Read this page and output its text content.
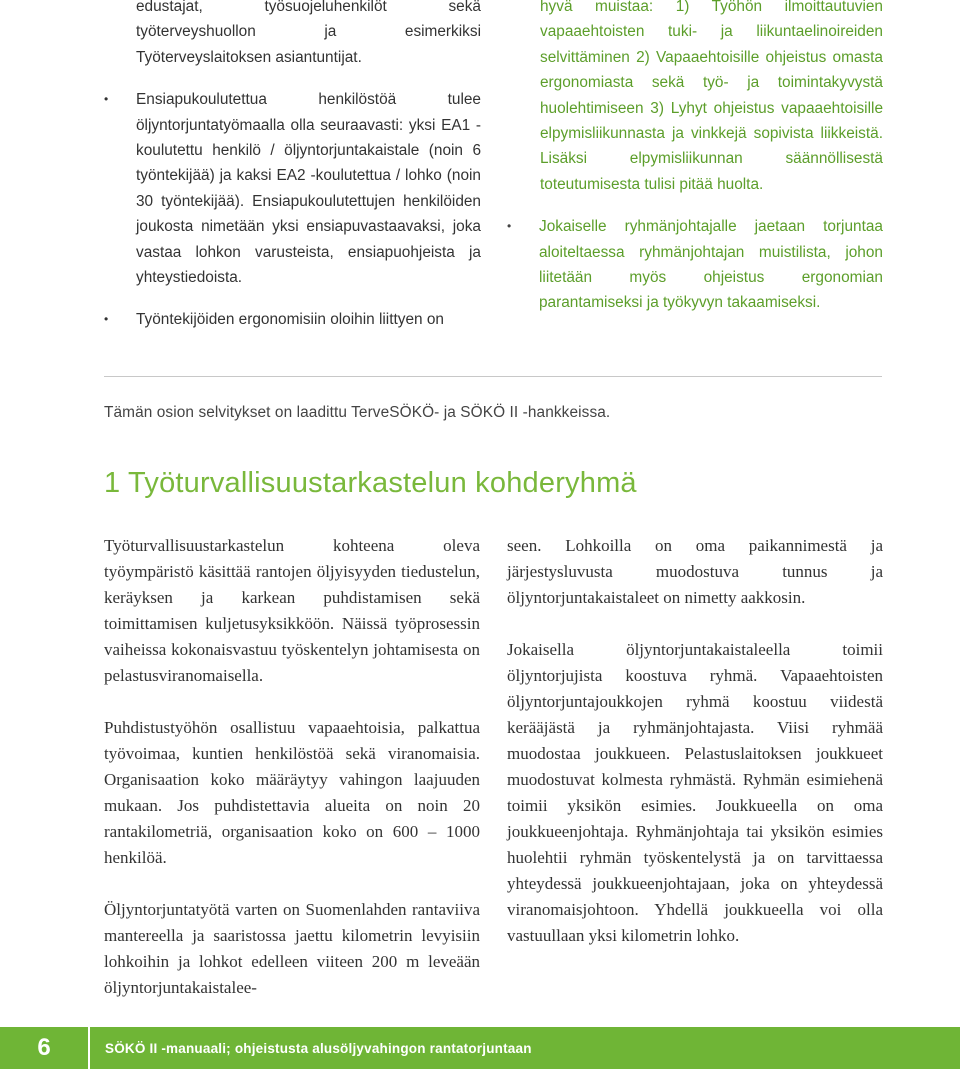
edustajat, työsuojeluhenkilöt sekä työterveyshuollon ja esimerkiksi Työterveyslaitoksen asiantuntijat.

• Ensiapukoulutettua henkilöstöä tulee öljyntorjuntatyömaalla olla seuraavasti: yksi EA1 -koulutettu henkilö / öljyntorjuntakaistale (noin 6 työntekijää) ja kaksi EA2 -koulutettua / lohko (noin 30 työntekijää). Ensiapukoulutettujen henkilöiden joukosta nimetään yksi ensiapuvastaavaksi, joka vastaa lohkon varusteista, ensiapuohjeista ja yhteystiedoista.
• Työntekijöiden ergonomisiin oloihin liittyen on

hyvä muistaa: 1) Työhön ilmoittautuvien vapaaehtoisten tuki- ja liikuntaelinoireiden selvittäminen 2) Vapaaehtoisille ohjeistus omasta ergonomiasta sekä työ- ja toimintakyvystä huolehtimiseen 3) Lyhyt ohjeistus vapaaehtoisille elpymisliikunnasta ja vinkkejä sopivista liikkeistä. Lisäksi elpymisliikunnan säännöllisestä toteutumisesta tulisi pitää huolta.

• Jokaiselle ryhmänjohtajalle jaetaan torjuntaa aloiteltaessa ryhmänjohtajan muistilista, johon liitetään myös ohjeistus ergonomian parantamiseksi ja työkyvyn takaamiseksi.
Tämän osion selvitykset on laadittu TerveSÖKÖ- ja SÖKÖ II -hankkeissa.
1 Työturvallisuustarkastelun kohderyhmä

Työturvallisuustarkastelun kohteena oleva työympäristö käsittää rantojen öljyisyyden tiedustelun, keräyksen ja karkean puhdistamisen sekä toimittamisen kuljetusyksikköön. Näissä työprosessin vaiheissa kokonaisvastuu työskentelyn johtamisesta on pelastusviranomaisella.

Puhdistustyöhön osallistuu vapaaehtoisia, palkattua työvoimaa, kuntien henkilöstöä sekä viranomaisia. Organisaation koko määräytyy vahingon laajuuden mukaan. Jos puhdistettavia alueita on noin 20 rantakilometriä, organisaation koko on 600 – 1000 henkilöä.

Öljyntorjuntatyötä varten on Suomenlahden rantaviiva mantereella ja saaristossa jaettu kilometrin levyisiin lohkoihin ja lohkot edelleen viiteen 200 m leveään öljyntorjuntakaistalee-

seen. Lohkoilla on oma paikannimestä ja järjestysluvusta muodostuva tunnus ja öljyntorjuntakaistaleet on nimetty aakkosin.

Jokaisella öljyntorjuntakaistaleella toimii öljyntorjujista koostuva ryhmä. Vapaaehtoisten öljyntorjuntajoukkojen ryhmä koostuu viidestä kerääjästä ja ryhmänjohtajasta. Viisi ryhmää muodostaa joukkueen. Pelastuslaitoksen joukkueet muodostuvat kolmesta ryhmästä. Ryhmän esimiehenä toimii yksikön esimies. Joukkueella on oma joukkueenjohtaja. Ryhmänjohtaja tai yksikön esimies huolehtii ryhmän työskentelystä ja on tarvittaessa yhteydessä joukkueenjohtajaan, joka on yhteydessä viranomaisjohtoon. Yhdellä joukkueella voi olla vastuullaan yksi kilometrin lohko.

6	SÖKÖ II -manuaali; ohjeistusta alusöljyvahingon rantatorjuntaan
